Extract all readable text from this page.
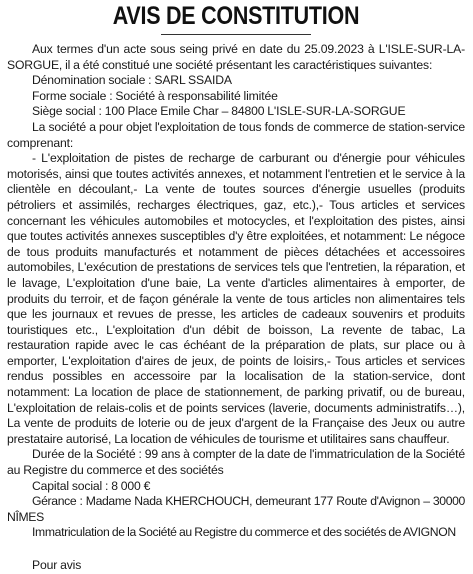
AVIS DE CONSTITUTION

Aux termes d'un acte sous seing privé en date du 25.09.2023 à L'ISLE-SUR-LA-SORGUE, il a été constitué une société présentant les caractéristiques suivantes:

Dénomination sociale : SARL SSAIDA

Forme sociale : Société à responsabilité limitée

Siège social : 100 Place Emile Char – 84800 L'ISLE-SUR-LA-SORGUE

La société a pour objet l'exploitation de tous fonds de commerce de station-service comprenant:

- L'exploitation de pistes de recharge de carburant ou d'énergie pour véhicules motorisés, ainsi que toutes activités annexes, et notamment l'entretien et le service à la clientèle en découlant,- La vente de toutes sources d'énergie usuelles (produits pétroliers et assimilés, recharges électriques, gaz, etc.),- Tous articles et services concernant les véhicules automobiles et motocycles, et l'exploitation des pistes, ainsi que toutes activités annexes susceptibles d'y être exploitées, et notamment: Le négoce de tous produits manufacturés et notamment de pièces détachées et accessoires automobiles, L'exécution de prestations de services tels que l'entretien, la réparation, et le lavage, L'exploitation d'une baie, La vente d'articles alimentaires à emporter, de produits du terroir, et de façon générale la vente de tous articles non alimentaires tels que les journaux et revues de presse, les articles de cadeaux souvenirs et produits touristiques etc., L'exploitation d'un débit de boisson, La revente de tabac, La restauration rapide avec le cas échéant de la préparation de plats, sur place ou à emporter, L'exploitation d'aires de jeux, de points de loisirs,- Tous articles et services rendus possibles en accessoire par la localisation de la station-service, dont notamment: La location de place de stationnement, de parking privatif, ou de bureau, L'exploitation de relais-colis et de points services (laverie, documents administratifs…), La vente de produits de loterie ou de jeux d'argent de la Française des Jeux ou autre prestataire autorisé, La location de véhicules de tourisme et utilitaires sans chauffeur.

Durée de la Société : 99 ans à compter de la date de l'immatriculation de la Société au Registre du commerce et des sociétés

Capital social : 8 000 €

Gérance : Madame Nada KHERCHOUCH, demeurant 177 Route d'Avignon – 30000 NÎMES

Immatriculation de la Société au Registre du commerce et des sociétés de AVIGNON

Pour avis
